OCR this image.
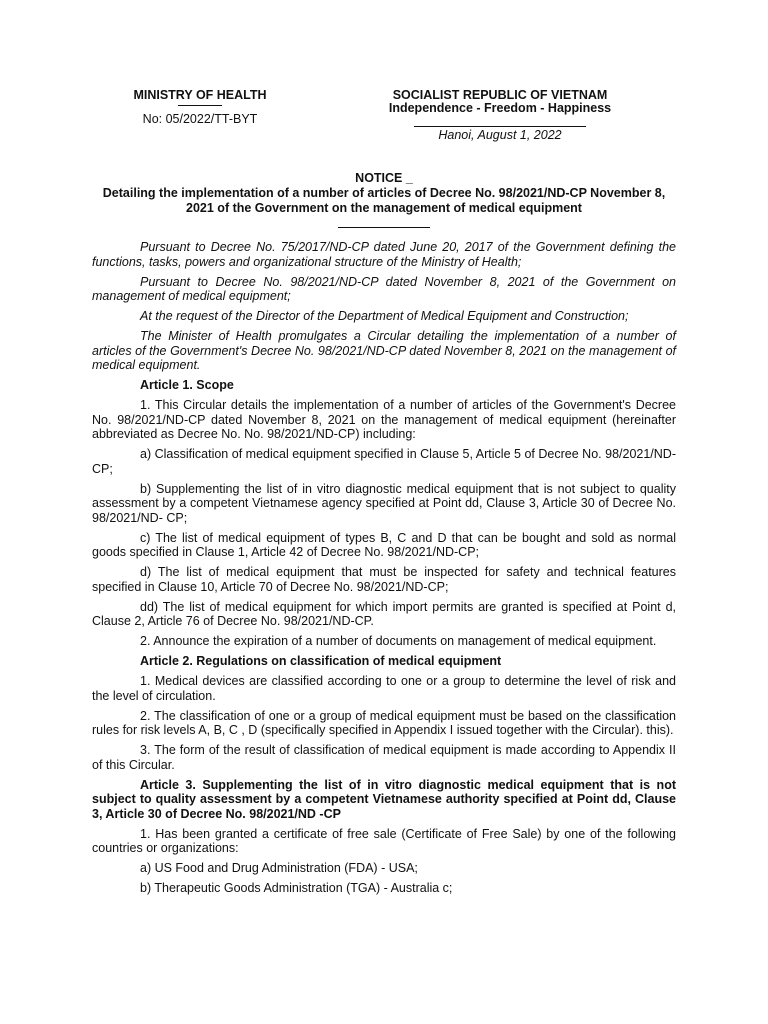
MINISTRY OF HEALTH
No: 05/2022/TT-BYT
SOCIALIST REPUBLIC OF VIETNAM
Independence - Freedom - Happiness
Hanoi, August 1, 2022
NOTICE _
Detailing the implementation of a number of articles of Decree No. 98/2021/ND-CP November 8, 2021 of the Government on the management of medical equipment

Pursuant to Decree No. 75/2017/ND-CP dated June 20, 2017 of the Government defining the functions, tasks, powers and organizational structure of the Ministry of Health;

Pursuant to Decree No. 98/2021/ND-CP dated November 8, 2021 of the Government on management of medical equipment;

At the request of the Director of the Department of Medical Equipment and Construction;

The Minister of Health promulgates a Circular detailing the implementation of a number of articles of the Government's Decree No. 98/2021/ND-CP dated November 8, 2021 on the management of medical equipment.

Article 1. Scope

1. This Circular details the implementation of a number of articles of the Government's Decree No. 98/2021/ND-CP dated November 8, 2021 on the management of medical equipment (hereinafter abbreviated as Decree No. No. 98/2021/ND-CP) including:

a) Classification of medical equipment specified in Clause 5, Article 5 of Decree No. 98/2021/ND-CP;

b) Supplementing the list of in vitro diagnostic medical equipment that is not subject to quality assessment by a competent Vietnamese agency specified at Point dd, Clause 3, Article 30 of Decree No. 98/2021/ND- CP;

c) The list of medical equipment of types B, C and D that can be bought and sold as normal goods specified in Clause 1, Article 42 of Decree No. 98/2021/ND-CP;

d) The list of medical equipment that must be inspected for safety and technical features specified in Clause 10, Article 70 of Decree No. 98/2021/ND-CP;

dd) The list of medical equipment for which import permits are granted is specified at Point d, Clause 2, Article 76 of Decree No. 98/2021/ND-CP.

2. Announce the expiration of a number of documents on management of medical equipment.

Article 2. Regulations on classification of medical equipment

1. Medical devices are classified according to one or a group to determine the level of risk and the level of circulation.

2. The classification of one or a group of medical equipment must be based on the classification rules for risk levels A, B, C , D (specifically specified in Appendix I issued together with the Circular). this).

3. The form of the result of classification of medical equipment is made according to Appendix II of this Circular.

Article 3. Supplementing the list of in vitro diagnostic medical equipment that is not subject to quality assessment by a competent Vietnamese authority specified at Point dd, Clause 3, Article 30 of Decree No. 98/2021/ND -CP

1. Has been granted a certificate of free sale (Certificate of Free Sale) by one of the following countries or organizations:

a) US Food and Drug Administration (FDA) - USA;

b) Therapeutic Goods Administration (TGA) - Australia c;
